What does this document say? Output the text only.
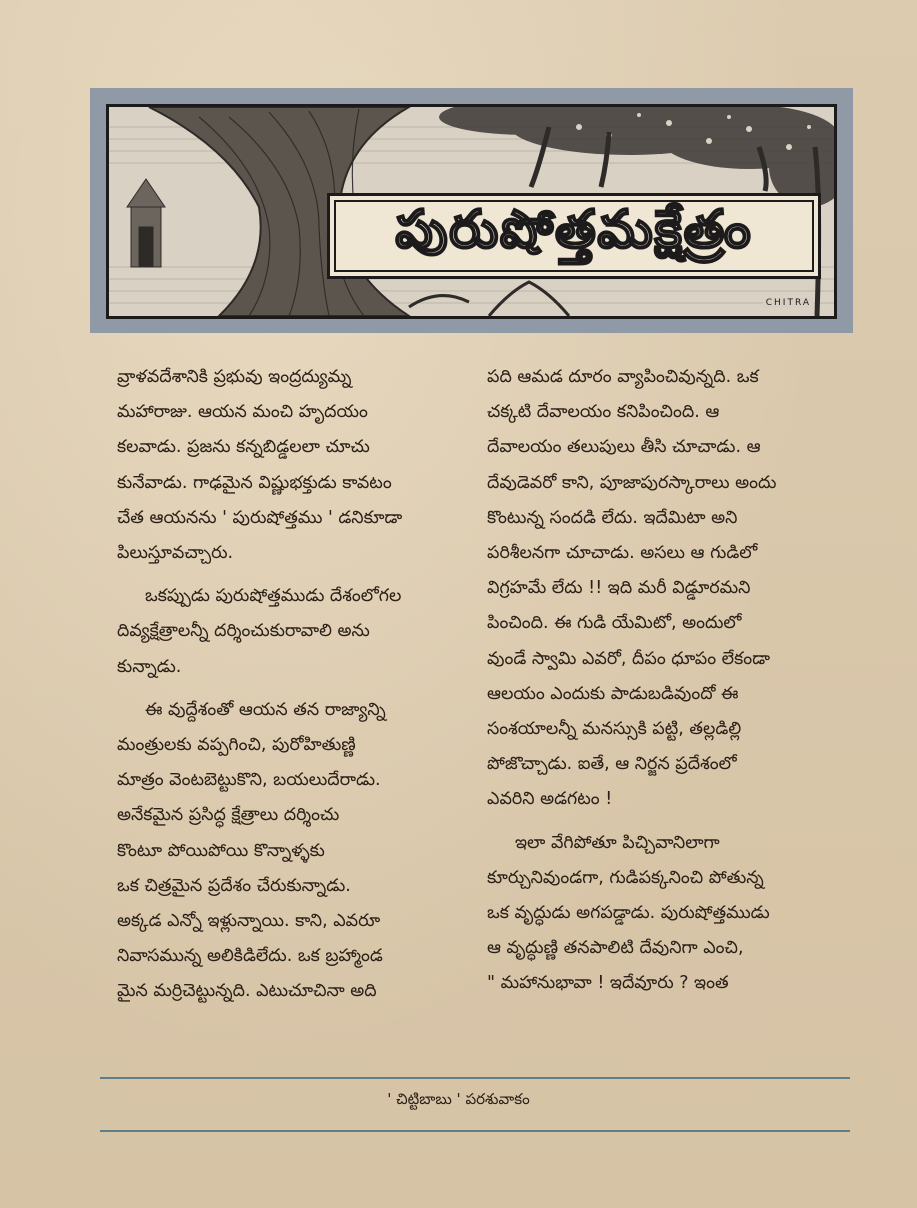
పురుషోత్తమక్షేత్రం
CHITRA

వ్రాళవదేశానికి ప్రభువు ఇంద్రద్యుమ్న
మహారాజు. ఆయన మంచి హృదయం
కలవాడు. ప్రజను కన్నబిడ్డలలా చూచు
కునేవాడు. గాఢమైన విష్ణుభక్తుడు కావటం
చేత ఆయనను ' పురుషోత్తము ' డనికూడా
పిలుస్తూవచ్చారు.

ఒకప్పుడు పురుషోత్తముడు దేశంలోగల
దివ్యక్షేత్రాలన్నీ దర్శించుకురావాలి అను
కున్నాడు.

ఈ వుద్దేశంతో ఆయన తన రాజ్యాన్ని
మంత్రులకు వప్పగించి, పురోహితుణ్ణి
మాత్రం వెంటబెట్టుకొని, బయలుదేరాడు.
అనేకమైన ప్రసిద్ధ క్షేత్రాలు దర్శించు
కొంటూ పోయిపోయి కొన్నాళ్ళకు
ఒక చిత్రమైన ప్రదేశం చేరుకున్నాడు.
అక్కడ ఎన్నో ఇళ్లున్నాయి. కాని, ఎవరూ
నివాసమున్న అలికిడిలేదు. ఒక బ్రహ్మాండ
మైన మర్రిచెట్టున్నది. ఎటుచూచినా అది

పది ఆమడ దూరం వ్యాపించివున్నది. ఒక
చక్కటి దేవాలయం కనిపించింది. ఆ
దేవాలయం తలుపులు తీసి చూచాడు. ఆ
దేవుడెవరో కాని, పూజాపురస్కారాలు అందు
కొంటున్న సందడి లేదు. ఇదేమిటా అని
పరిశీలనగా చూచాడు. అసలు ఆ గుడిలో
విగ్రహమే లేదు !! ఇది మరీ విడ్డూరమని
పించింది. ఈ గుడి యేమిటో, అందులో
వుండే స్వామి ఎవరో, దీపం ధూపం లేకండా
ఆలయం ఎందుకు పాడుబడివుందో ఈ
సంశయాలన్నీ మనస్సుకి పట్టి, తల్లడిల్లి
పోజొచ్చాడు. ఐతే, ఆ నిర్జన ప్రదేశంలో
ఎవరిని అడగటం !

ఇలా వేగిపోతూ పిచ్చివానిలాగా
కూర్చునివుండగా, గుడిపక్కనించి పోతున్న
ఒక వృద్ధుడు అగపడ్డాడు. పురుషోత్తముడు
ఆ వృద్ధుణ్ణి తనపాలిటి దేవునిగా ఎంచి,
" మహానుభావా ! ఇదేవూరు ? ఇంత

' చిట్టిబాబు ' పరశువాకం
